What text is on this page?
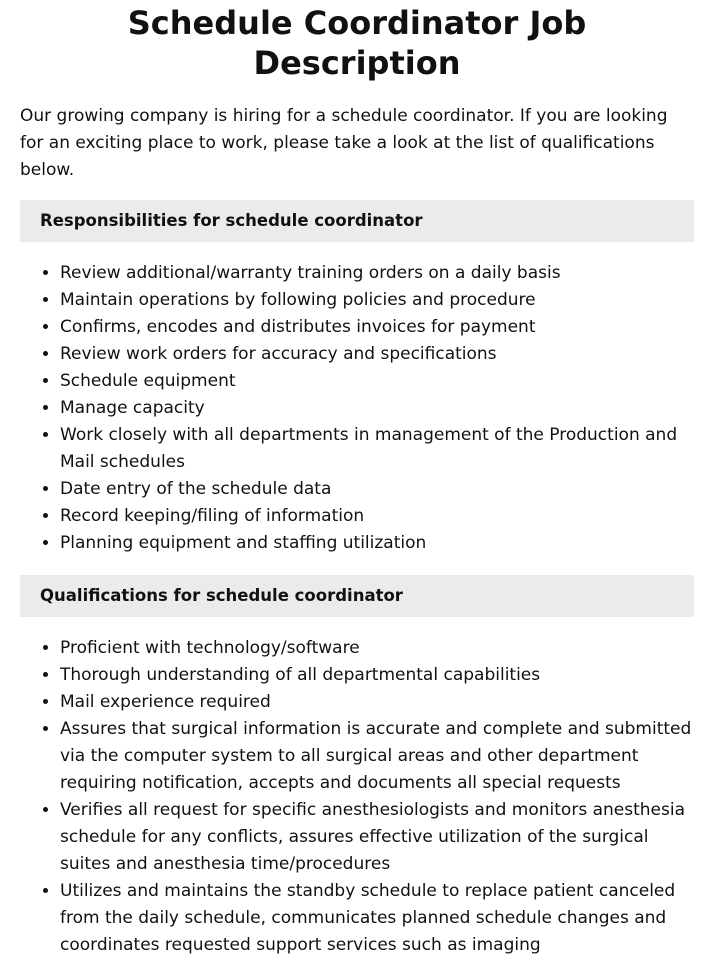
Schedule Coordinator Job Description

Our growing company is hiring for a schedule coordinator. If you are looking for an exciting place to work, please take a look at the list of qualifications below.

Responsibilities for schedule coordinator
• Review additional/warranty training orders on a daily basis
• Maintain operations by following policies and procedure
• Confirms, encodes and distributes invoices for payment
• Review work orders for accuracy and specifications
• Schedule equipment
• Manage capacity
• Work closely with all departments in management of the Production and Mail schedules
• Date entry of the schedule data
• Record keeping/filing of information
• Planning equipment and staffing utilization
Qualifications for schedule coordinator
• Proficient with technology/software
• Thorough understanding of all departmental capabilities
• Mail experience required
• Assures that surgical information is accurate and complete and submitted via the computer system to all surgical areas and other department requiring notification, accepts and documents all special requests
• Verifies all request for specific anesthesiologists and monitors anesthesia schedule for any conflicts, assures effective utilization of the surgical suites and anesthesia time/procedures
• Utilizes and maintains the standby schedule to replace patient canceled from the daily schedule, communicates planned schedule changes and coordinates requested support services such as imaging
